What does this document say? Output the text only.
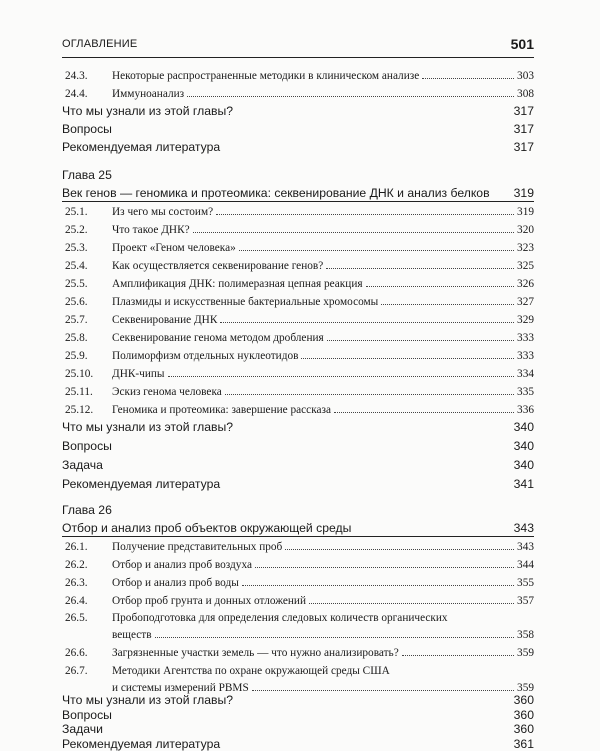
ОГЛАВЛЕНИЕ	501
24.3.	Некоторые распространенные методики в клиническом анализе	303
24.4.	Иммуноанализ	308
Что мы узнали из этой главы?	317
Вопросы	317
Рекомендуемая литература	317
Глава 25
Век генов — геномика и протеомика: секвенирование ДНК и анализ белков 319
25.1.	Из чего мы состоим?	319
25.2.	Что такое ДНК?	320
25.3.	Проект «Геном человека»	323
25.4.	Как осуществляется секвенирование генов?	325
25.5.	Амплификация ДНК: полимеразная цепная реакция	326
25.6.	Плазмиды и искусственные бактериальные хромосомы	327
25.7.	Секвенирование ДНК	329
25.8.	Секвенирование генома методом дробления	333
25.9.	Полиморфизм отдельных нуклеотидов	333
25.10.	ДНК-чипы	334
25.11.	Эскиз генома человека	335
25.12.	Геномика и протеомика: завершение рассказа	336
Что мы узнали из этой главы?	340
Вопросы	340
Задача	340
Рекомендуемая литература	341
Глава 26
Отбор и анализ проб объектов окружающей среды	343
26.1.	Получение представительных проб	343
26.2.	Отбор и анализ проб воздуха	344
26.3.	Отбор и анализ проб воды	355
26.4.	Отбор проб грунта и донных отложений	357
26.5.	Пробоподготовка для определения следовых количеств органических
веществ	358
26.6.	Загрязненные участки земель — что нужно анализировать?	359
26.7.	Методики Агентства по охране окружающей среды США
и системы измерений PBMS	359
Что мы узнали из этой главы?	360
Вопросы	360
Задачи	360
Рекомендуемая литература	361
